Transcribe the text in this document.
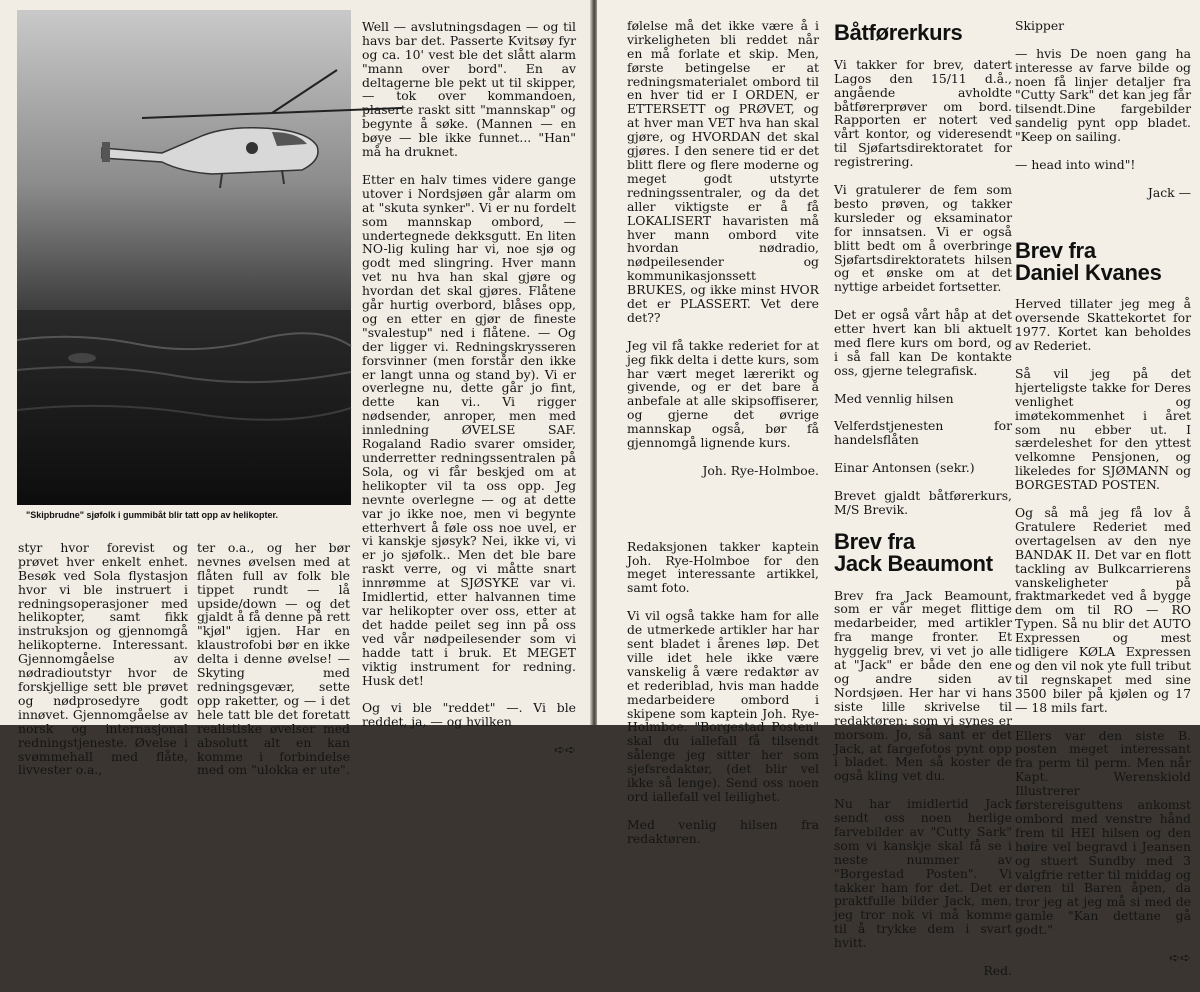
"Skipbrudne" sjøfolk i gummibåt blir tatt opp av helikopter.

Well — avslutningsdagen — og til havs bar det. Passerte Kvitsøy fyr og ca. 10' vest ble det slått alarm "mann over bord". En av deltagerne ble pekt ut til skipper, — tok over kommandoen, plaserte raskt sitt "mannskap" og begynte å søke. (Mannen — en bøye — ble ikke funnet... "Han" må ha druknet.

Etter en halv times videre gange utover i Nordsjøen går alarm om at "skuta synker". Vi er nu fordelt som mannskap ombord, — undertegnede dekksgutt. En liten NO-lig kuling har vi, noe sjø og godt med slingring. Hver mann vet nu hva han skal gjøre og hvordan det skal gjøres. Flåtene går hurtig overbord, blåses opp, og en etter en gjør de fineste "svalestup" ned i flåtene. — Og der ligger vi. Redningskrysseren forsvinner (men forstår den ikke er langt unna og stand by). Vi er overlegne nu, dette går jo fint, dette kan vi.. Vi rigger nødsender, anroper, men med innledning ØVELSE SAF. Rogaland Radio svarer omsider, underretter redningssentralen på Sola, og vi får beskjed om at helikopter vil ta oss opp. Jeg nevnte overlegne — og at dette var jo ikke noe, men vi begynte etterhvert å føle oss noe uvel, er vi kanskje sjøsyk? Nei, ikke vi, vi er jo sjøfolk.. Men det ble bare raskt verre, og vi måtte snart innrømme at SJØSYKE var vi. Imidlertid, etter halvannen time var helikopter over oss, etter at det hadde peilet seg inn på oss ved vår nødpeilesender som vi hadde tatt i bruk. Et MEGET viktig instrument for redning. Husk det!

Og vi ble "reddet" —. Vi ble reddet, ja, — og hvilken

➪➪

styr hvor forevist og prøvet hver enkelt enhet. Besøk ved Sola flystasjon hvor vi ble instruert i redningsoperasjoner med helikopter, samt fikk instruksjon og gjennomgå helikopterne. Interessant. Gjennomgåelse av nødradioutstyr hvor de forskjellige sett ble prøvet og nødprosedyre godt innøvet. Gjennomgåelse av norsk og internasjonal redningstjeneste. Øvelse i svømmehall med flåte, livvester o.a.,

ter o.a., og her bør nevnes øvelsen med at flåten full av folk ble tippet rundt — lå upside/down — og det gjaldt å få denne på rett "kjøl" igjen. Har en klaustrofobi bør en ikke delta i denne øvelse! — Skyting med redningsgevær, sette opp raketter, og — i det hele tatt ble det foretatt realistiske øvelser med absolutt alt en kan komme i forbindelse med om "ulokka er ute".

følelse må det ikke være å i virkeligheten bli reddet når en må forlate et skip. Men, første betingelse er at redningsmaterialet ombord til en hver tid er I ORDEN, er ETTERSETT og PRØVET, og at hver man VET hva han skal gjøre, og HVORDAN det skal gjøres. I den senere tid er det blitt flere og flere moderne og meget godt utstyrte redningssentraler, og da det aller viktigste er å få LOKALISERT havaristen må hver mann ombord vite hvordan nødradio, nødpeilesender og kommunikasjonssett BRUKES, og ikke minst HVOR det er PLASSERT. Vet dere det??

Jeg vil få takke rederiet for at jeg fikk delta i dette kurs, som har vært meget lærerikt og givende, og er det bare å anbefale at alle skipsoffiserer, og gjerne det øvrige mannskap også, bør få gjennomgå lignende kurs.

Joh. Rye-Holmboe.

Redaksjonen takker kaptein Joh. Rye-Holmboe for den meget interessante artikkel, samt foto.

Vi vil også takke ham for alle de utmerkede artikler har har sent bladet i årenes løp. Det ville idet hele ikke være vanskelig å være redaktør av et rederiblad, hvis man hadde medarbeidere ombord i skipene som kaptein Joh. Rye-Holmboe. "Borgestad Posten" skal du iallefall få tilsendt sålenge jeg sitter her som sjefsredaktør, (det blir vel ikke så lenge). Send oss noen ord iallefall vel leilighet.

Med venlig hilsen fra redaktøren.

Båtførerkurs

Vi takker for brev, datert Lagos den 15/11 d.å., angående avholdte båtførerprøver om bord. Rapporten er notert ved vårt kontor, og videresendt til Sjøfartsdirektoratet for registrering.

Vi gratulerer de fem som besto prøven, og takker kursleder og eksaminator for innsatsen. Vi er også blitt bedt om å overbringe Sjøfartsdirektoratets hilsen og et ønske om at det nyttige arbeidet fortsetter.

Det er også vårt håp at det etter hvert kan bli aktuelt med flere kurs om bord, og i så fall kan De kontakte oss, gjerne telegrafisk.

Med vennlig hilsen

Velferdstjenesten for handelsflåten

Einar Antonsen (sekr.)

Brevet gjaldt båtførerkurs, M/S Brevik.

Brev fra
Jack Beaumont

Brev fra Jack Beamount, som er vår meget flittige medarbeider, med artikler fra mange fronter. Et hyggelig brev, vi vet jo alle at "Jack" er både den ene og andre siden av Nordsjøen. Her har vi hans siste lille skrivelse til redaktøren: som vi synes er morsom. Jo, så sant er det Jack, at fargefotos pynt opp i bladet. Men så koster de også kling vet du.

Nu har imidlertid Jack sendt oss noen herlige farvebilder av "Cutty Sark" som vi kanskje skal få se i neste nummer av "Borgestad Posten". Vi takker ham for det. Det er praktfulle bilder Jack, men, jeg tror nok vi må komme til å trykke dem i svart hvitt.

Red.

Skipper

— hvis De noen gang ha interesse av farve bilde og noen få linjer detaljer fra "Cutty Sark" det kan jeg får tilsendt.Dine fargebilder sandelig pynt opp bladet. "Keep on sailing.

— head into wind"!

Jack —

Brev fra
Daniel Kvanes

Herved tillater jeg meg å oversende Skattekortet for 1977. Kortet kan beholdes av Rederiet.

Så vil jeg på det hjerteligste takke for Deres venlighet og imøtekommenhet i året som nu ebber ut. I særdeleshet for den yttest velkomne Pensjonen, og likeledes for SJØMANN og BORGESTAD POSTEN.

Og så må jeg få lov å Gratulere Rederiet med overtagelsen av den nye BANDAK II. Det var en flott tackling av Bulkcarrierens vanskeligheter på fraktmarkedet ved å bygge dem om til RO — RO Typen. Så nu blir det AUTO Expressen og mest tidligere KØLA Expressen og den vil nok yte full tribut til regnskapet med sine 3500 biler på kjølen og 17 — 18 mils fart.

Ellers var den siste B. posten meget interessant fra perm til perm. Men når Kapt. Werenskiold Illustrerer førstereisguttens ankomst ombord med venstre hånd frem til HEI hilsen og den høire vel begravd i Jeansen og stuert Sundby med 3 valgfrie retter til middag og døren til Baren åpen, da tror jeg at jeg må si med de gamle "Kan dettane gå godt."

➪➪
